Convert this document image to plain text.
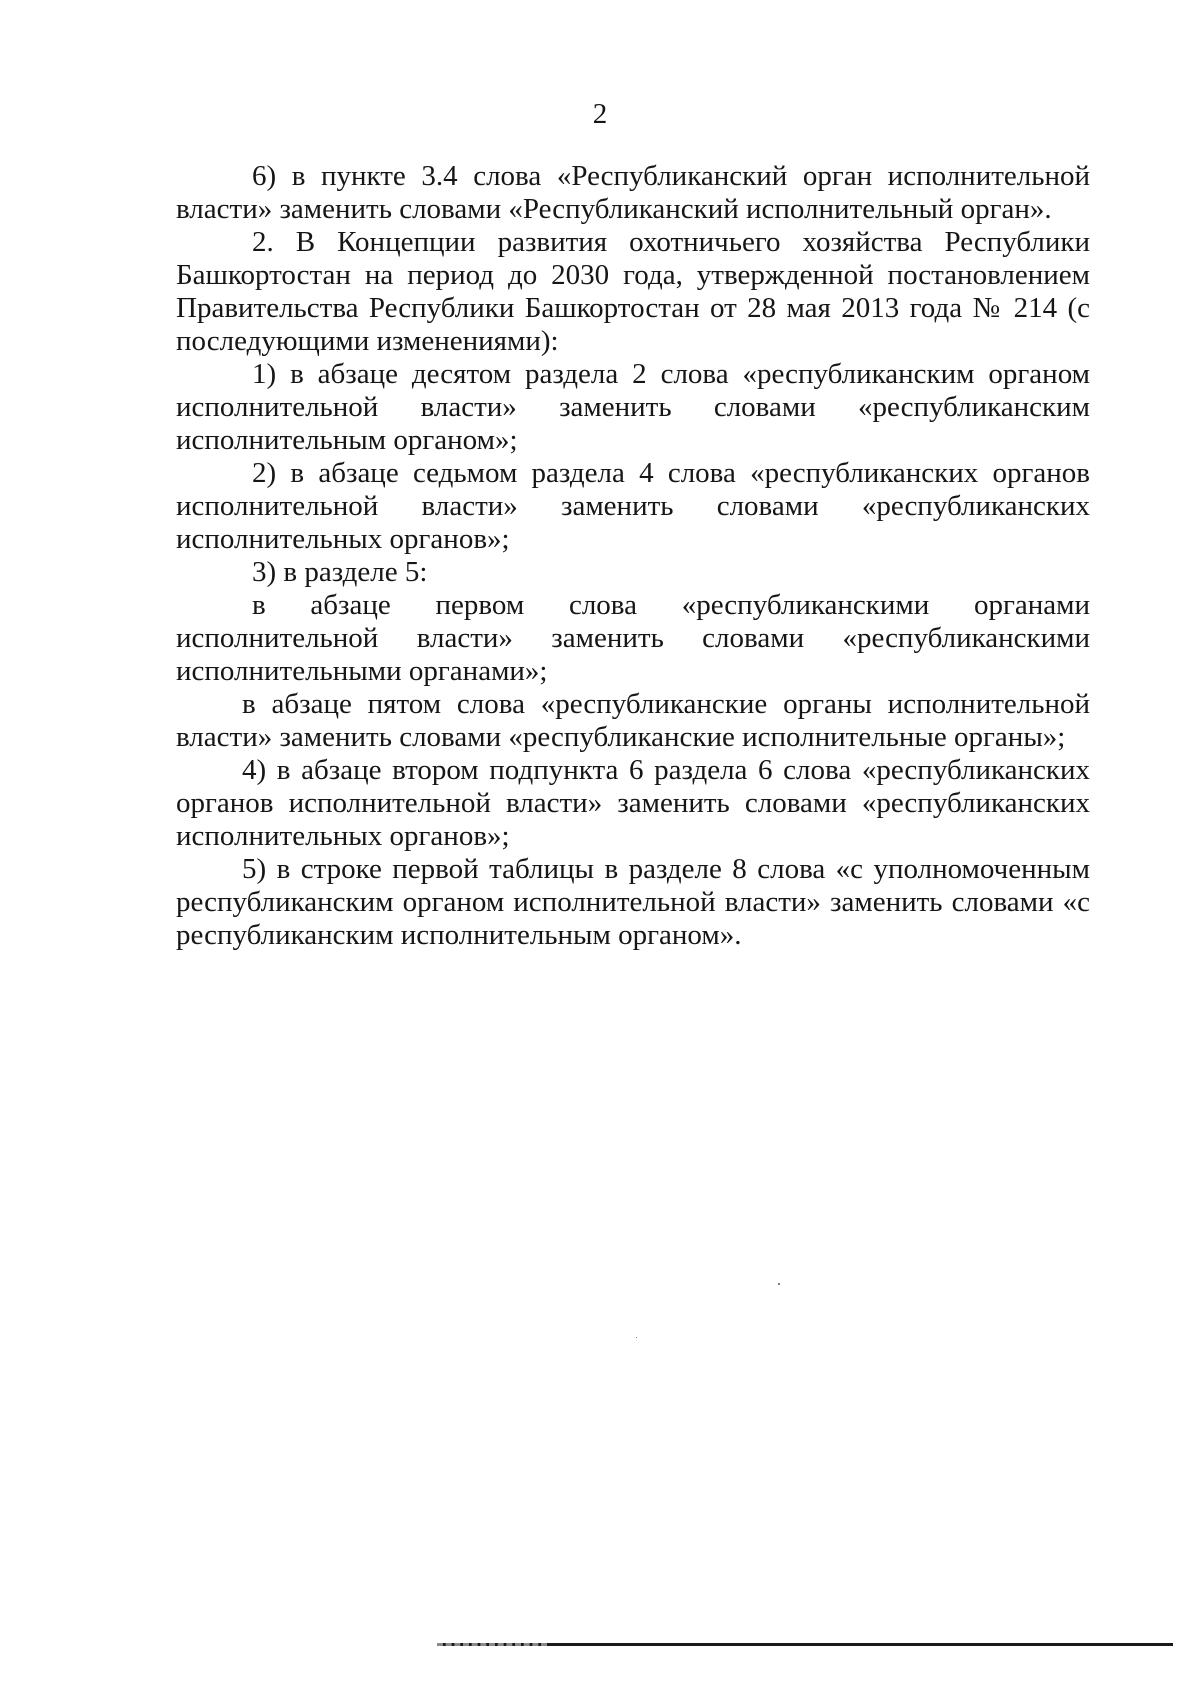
2

6) в пункте 3.4 слова «Республиканский орган исполнительной власти» заменить словами «Республиканский исполнительный орган».

2. В Концепции развития охотничьего хозяйства Республики Башкортостан на период до 2030 года, утвержденной постановлением Правительства Республики Башкортостан от 28 мая 2013 года № 214 (с последующими изменениями):

1) в абзаце десятом раздела 2 слова «республиканским органом исполнительной власти» заменить словами «республиканским исполнительным органом»;

2) в абзаце седьмом раздела 4 слова «республиканских органов исполнительной власти» заменить словами «республиканских исполнительных органов»;

3) в разделе 5:

в абзаце первом слова «республиканскими органами исполнительной власти» заменить словами «республиканскими исполнительными органами»;

в абзаце пятом слова «республиканские органы исполнительной власти» заменить словами «республиканские исполнительные органы»;

4) в абзаце втором подпункта 6 раздела 6 слова «республиканских органов исполнительной власти» заменить словами «республиканских исполнительных органов»;

5) в строке первой таблицы в разделе 8 слова «с уполномоченным республиканским органом исполнительной власти» заменить словами «с республиканским исполнительным органом».
